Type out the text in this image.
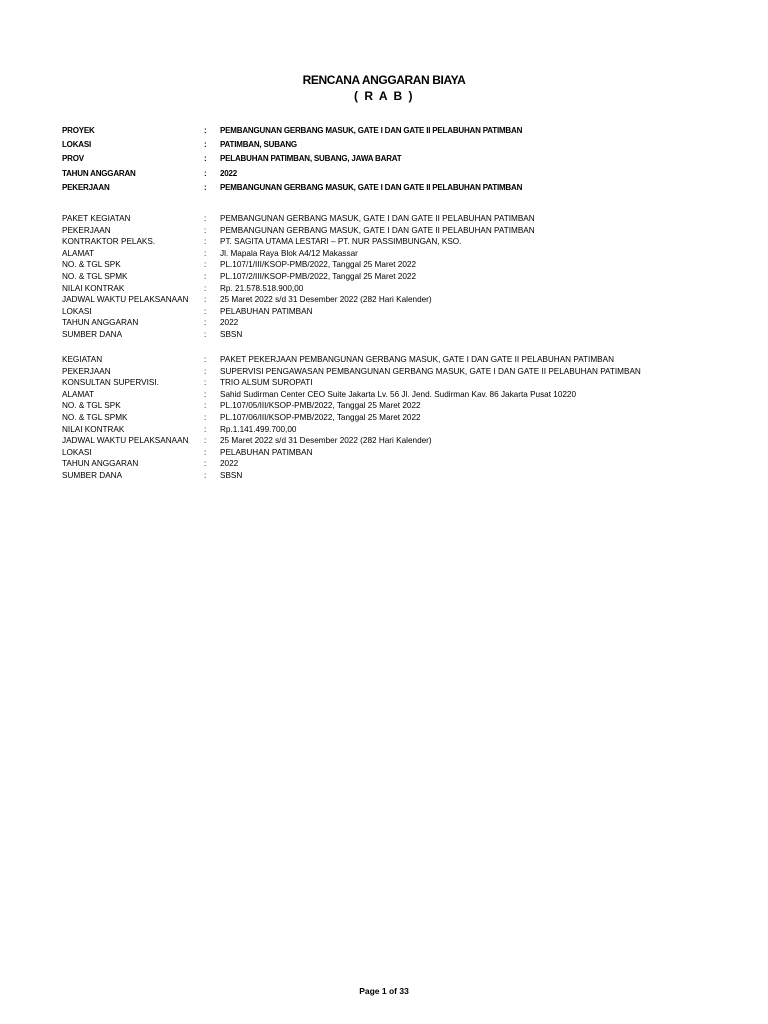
RENCANA ANGGARAN BIAYA
( R A B )
PROYEK	:	PEMBANGUNAN GERBANG MASUK, GATE I DAN GATE II PELABUHAN PATIMBAN
LOKASI	:	PATIMBAN, SUBANG
PROV	:	PELABUHAN PATIMBAN, SUBANG, JAWA BARAT
TAHUN ANGGARAN	:	2022
PEKERJAAN	:	PEMBANGUNAN GERBANG MASUK, GATE I DAN GATE II PELABUHAN PATIMBAN
PAKET KEGIATAN	:	PEMBANGUNAN GERBANG MASUK, GATE I DAN GATE II PELABUHAN PATIMBAN
PEKERJAAN	:	PEMBANGUNAN GERBANG MASUK, GATE I DAN GATE II PELABUHAN PATIMBAN
KONTRAKTOR PELAKS.	:	PT. SAGITA UTAMA LESTARI – PT. NUR PASSIMBUNGAN, KSO.
ALAMAT	:	Jl. Mapala Raya Blok A4/12 Makassar
NO. & TGL SPK	:	PL.107/1/III/KSOP-PMB/2022, Tanggal 25 Maret 2022
NO. & TGL SPMK	:	PL.107/2/III/KSOP-PMB/2022, Tanggal 25 Maret 2022
NILAI KONTRAK	:	Rp. 21.578.518.900,00
JADWAL WAKTU PELAKSANAAN	:	25 Maret 2022 s/d 31 Desember 2022 (282 Hari Kalender)
LOKASI	:	PELABUHAN PATIMBAN
TAHUN ANGGARAN	:	2022
SUMBER DANA	:	SBSN
KEGIATAN	:	PAKET PEKERJAAN PEMBANGUNAN GERBANG MASUK, GATE I DAN GATE II PELABUHAN PATIMBAN
PEKERJAAN	:	SUPERVISI PENGAWASAN PEMBANGUNAN GERBANG MASUK, GATE I DAN GATE II PELABUHAN PATIMBAN
KONSULTAN SUPERVISI.	:	TRIO ALSUM SUROPATI
ALAMAT	:	Sahid Sudirman Center CEO Suite Jakarta Lv. 56 Jl. Jend. Sudirman Kav. 86 Jakarta Pusat 10220
NO. & TGL SPK	:	PL.107/05/III/KSOP-PMB/2022, Tanggal 25 Maret 2022
NO. & TGL SPMK	:	PL.107/06/III/KSOP-PMB/2022, Tanggal 25 Maret 2022
NILAI KONTRAK	:	Rp.1.141.499.700,00
JADWAL WAKTU PELAKSANAAN	:	25 Maret 2022 s/d 31 Desember 2022 (282 Hari Kalender)
LOKASI	:	PELABUHAN PATIMBAN
TAHUN ANGGARAN	:	2022
SUMBER DANA	:	SBSN
Page 1 of 33
